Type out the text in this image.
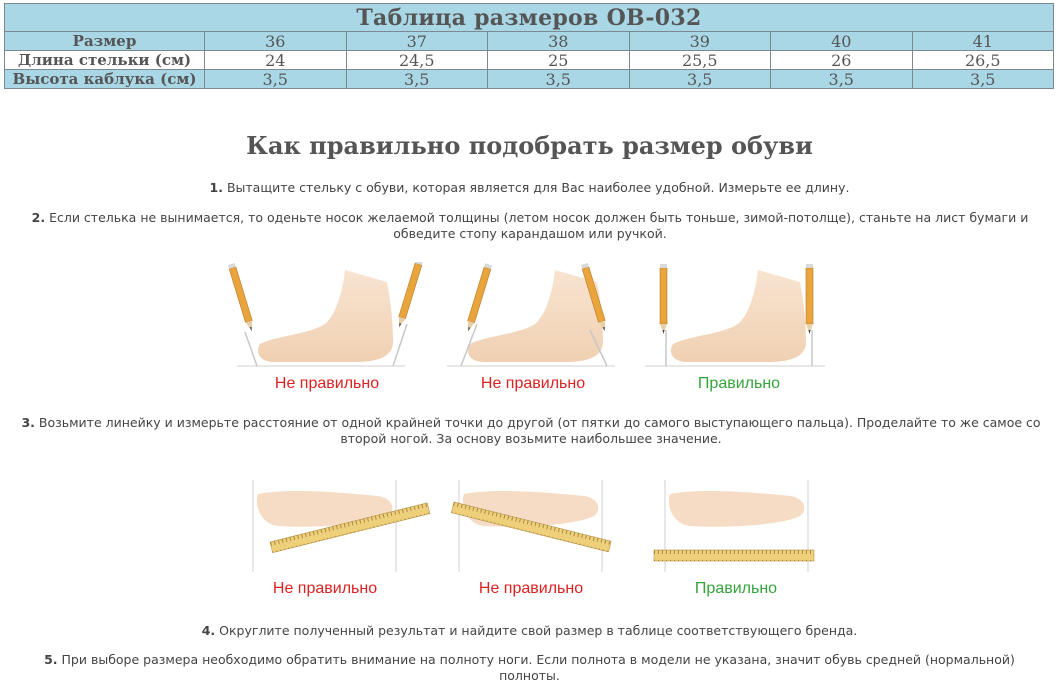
Таблица размеров OB-032						
Размер	36	37	38	39	40	41
Длина стельки (см)	24	24,5	25	25,5	26	26,5
Высота каблука (см)	3,5	3,5	3,5	3,5	3,5	3,5
Как правильно подобрать размер обуви
1. Вытащите стельку с обуви, которая является для Вас наиболее удобной. Измерьте ее длину.
2. Если стелька не вынимается, то оденьте носок желаемой толщины (летом носок должен быть тоньше, зимой-потолще), станьте на лист бумаги и обведите стопу карандашом или ручкой.
Не правильно	Не правильно	Правильно
3. Возьмите линейку и измерьте расстояние от одной крайней точки до другой (от пятки до самого выступающего пальца). Проделайте то же самое со второй ногой. За основу возьмите наибольшее значение.
Не правильно	Не правильно	Правильно
4. Округлите полученный результат и найдите свой размер в таблице соответствующего бренда.
5. При выборе размера необходимо обратить внимание на полноту ноги. Если полнота в модели не указана, значит обувь средней (нормальной) полноты.
